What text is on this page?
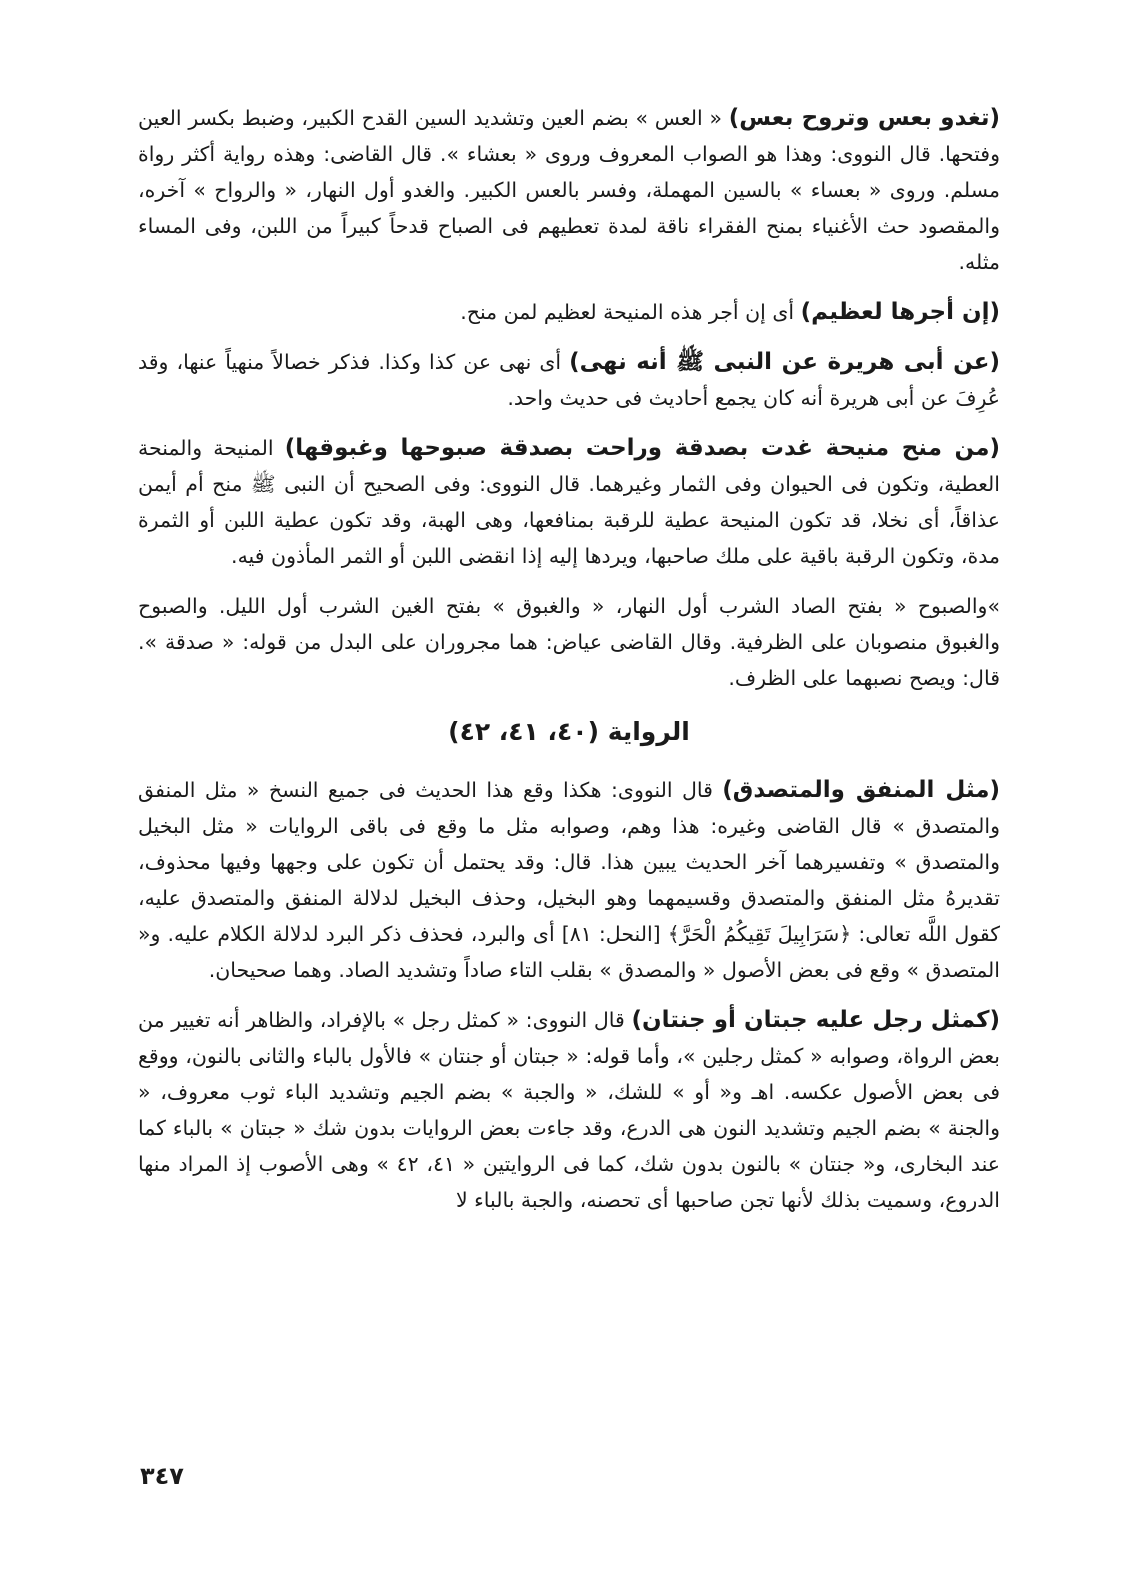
(تغدو بعس وتروح بعس) « العس » بضم العين وتشديد السين القدح الكبير، وضبط بكسر العين وفتحها. قال النووى: وهذا هو الصواب المعروف وروى « بعشاء ». قال القاضى: وهذه رواية أكثر رواة مسلم. وروى « بعساء » بالسين المهملة، وفسر بالعس الكبير. والغدو أول النهار، « والرواح » آخره، والمقصود حث الأغنياء بمنح الفقراء ناقة لمدة تعطيهم فى الصباح قدحاً كبيراً من اللبن، وفى المساء مثله.

(إن أجرها لعظيم) أى إن أجر هذه المنيحة لعظيم لمن منح.

(عن أبى هريرة عن النبى ﷺ أنه نهى) أى نهى عن كذا وكذا. فذكر خصالاً منهياً عنها، وقد عُرِفَ عن أبى هريرة أنه كان يجمع أحاديث فى حديث واحد.

(من منح منيحة غدت بصدقة وراحت بصدقة صبوحها وغبوقها) المنيحة والمنحة العطية، وتكون فى الحيوان وفى الثمار وغيرهما. قال النووى: وفى الصحيح أن النبى ﷺ منح أم أيمن عذاقاً، أى نخلا، قد تكون المنيحة عطية للرقبة بمنافعها، وهى الهبة، وقد تكون عطية اللبن أو الثمرة مدة، وتكون الرقبة باقية على ملك صاحبها، ويردها إليه إذا انقضى اللبن أو الثمر المأذون فيه.

»والصبوح « بفتح الصاد الشرب أول النهار، « والغبوق » بفتح الغين الشرب أول الليل. والصبوح والغبوق منصوبان على الظرفية. وقال القاضى عياض: هما مجروران على البدل من قوله: « صدقة ». قال: ويصح نصبهما على الظرف.

الرواية (٤٠، ٤١، ٤٢)

(مثل المنفق والمتصدق) قال النووى: هكذا وقع هذا الحديث فى جميع النسخ « مثل المنفق والمتصدق » قال القاضى وغيره: هذا وهم، وصوابه مثل ما وقع فى باقى الروايات « مثل البخيل والمتصدق » وتفسيرهما آخر الحديث يبين هذا. قال: وقد يحتمل أن تكون على وجهها وفيها محذوف، تقديرهُ مثل المنفق والمتصدق وقسيمهما وهو البخيل، وحذف البخيل لدلالة المنفق والمتصدق عليه، كقول اللَّه تعالى: ﴿سَرَابِيلَ تَقِيكُمُ الْحَرَّ﴾ [النحل: ٨١] أى والبرد، فحذف ذكر البرد لدلالة الكلام عليه. و« المتصدق » وقع فى بعض الأصول « والمصدق » بقلب التاء صاداً وتشديد الصاد. وهما صحيحان.

(كمثل رجل عليه جبتان أو جنتان) قال النووى: « كمثل رجل » بالإفراد، والظاهر أنه تغيير من بعض الرواة، وصوابه « كمثل رجلين »، وأما قوله: « جبتان أو جنتان » فالأول بالباء والثانى بالنون، ووقع فى بعض الأصول عكسه. اهـ و« أو » للشك، « والجبة » بضم الجيم وتشديد الباء ثوب معروف، « والجنة » بضم الجيم وتشديد النون هى الدرع، وقد جاءت بعض الروايات بدون شك « جبتان » بالباء كما عند البخارى، و« جنتان » بالنون بدون شك، كما فى الروايتين « ٤١، ٤٢ » وهى الأصوب إذ المراد منها الدروع، وسميت بذلك لأنها تجن صاحبها أى تحصنه، والجبة بالباء لا

٣٤٧
